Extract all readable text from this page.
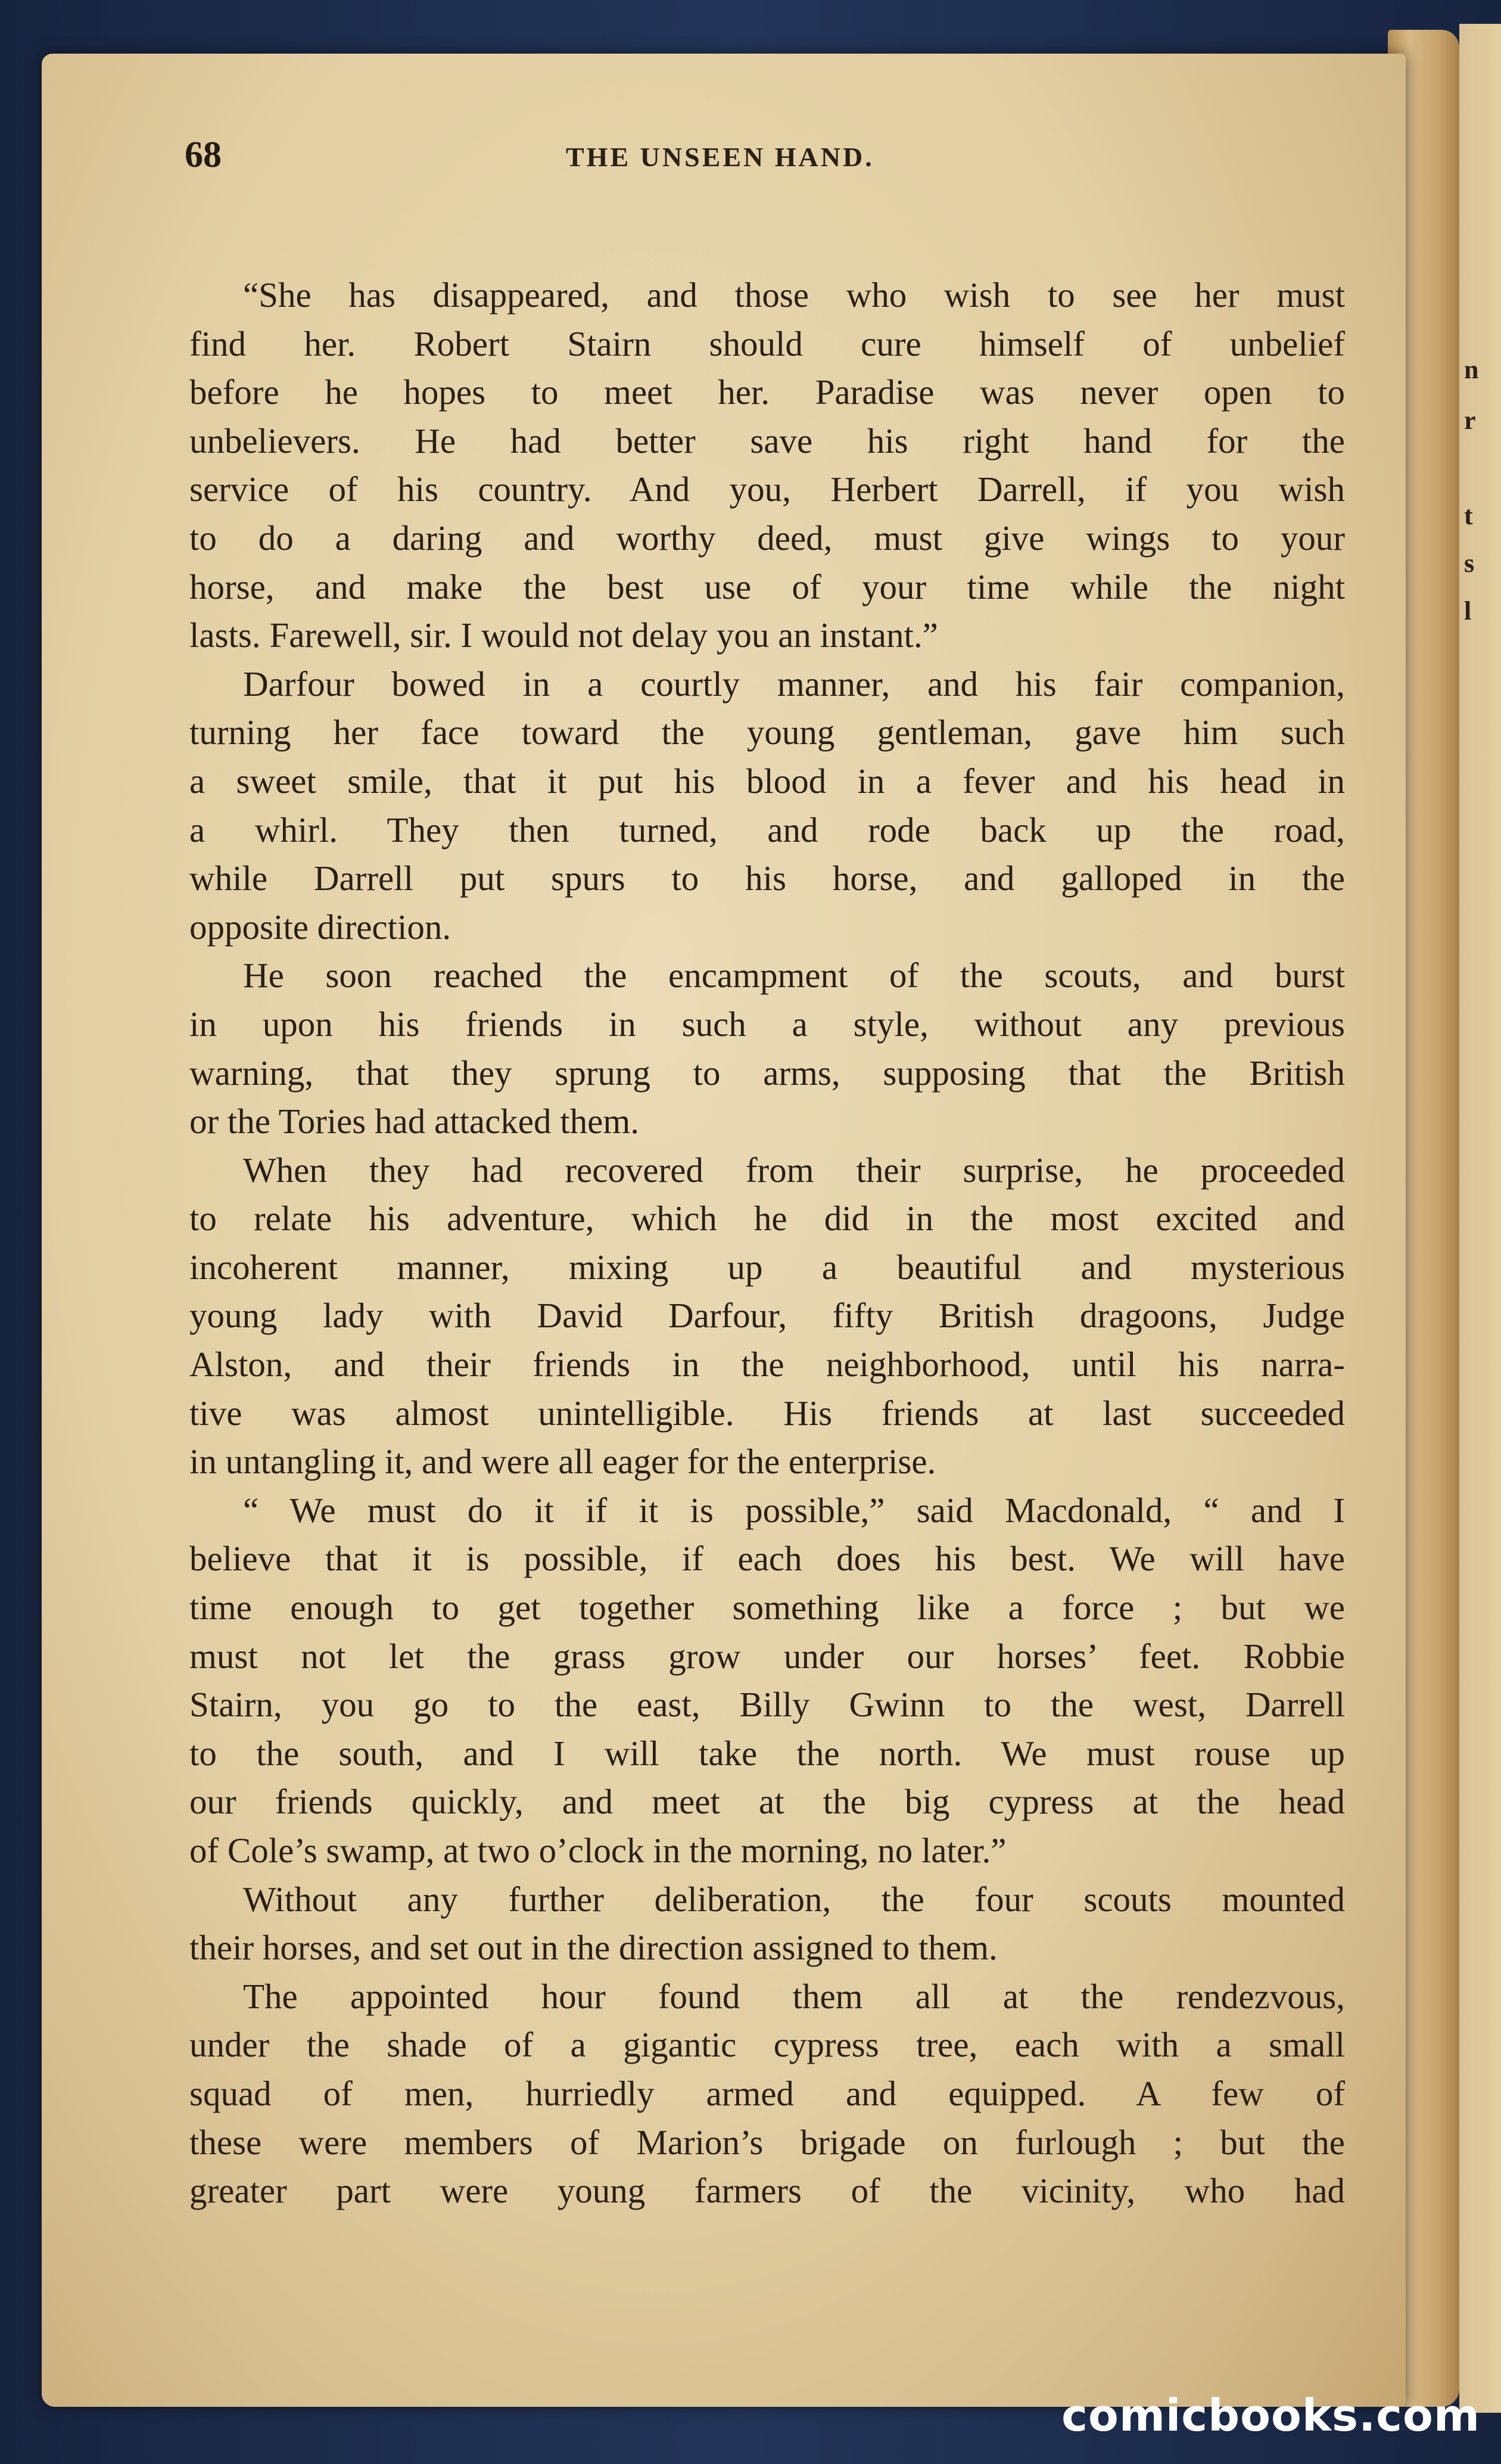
n
r
t
s
l
68	THE UNSEEN HAND.
“She has disappeared, and those who wish to see her must
find her. Robert Stairn should cure himself of unbelief
before he hopes to meet her. Paradise was never open to
unbelievers. He had better save his right hand for the
service of his country. And you, Herbert Darrell, if you wish
to do a daring and worthy deed, must give wings to your
horse, and make the best use of your time while the night
lasts. Farewell, sir. I would not delay you an instant.”
Darfour bowed in a courtly manner, and his fair companion,
turning her face toward the young gentleman, gave him such
a sweet smile, that it put his blood in a fever and his head in
a whirl. They then turned, and rode back up the road,
while Darrell put spurs to his horse, and galloped in the
opposite direction.
He soon reached the encampment of the scouts, and burst
in upon his friends in such a style, without any previous
warning, that they sprung to arms, supposing that the British
or the Tories had attacked them.
When they had recovered from their surprise, he proceeded
to relate his adventure, which he did in the most excited and
incoherent manner, mixing up a beautiful and mysterious
young lady with David Darfour, fifty British dragoons, Judge
Alston, and their friends in the neighborhood, until his narra-
tive was almost unintelligible. His friends at last succeeded
in untangling it, and were all eager for the enterprise.
“ We must do it if it is possible,” said Macdonald, “ and I
believe that it is possible, if each does his best. We will have
time enough to get together something like a force ; but we
must not let the grass grow under our horses’ feet. Robbie
Stairn, you go to the east, Billy Gwinn to the west, Darrell
to the south, and I will take the north. We must rouse up
our friends quickly, and meet at the big cypress at the head
of Cole’s swamp, at two o’clock in the morning, no later.”
Without any further deliberation, the four scouts mounted
their horses, and set out in the direction assigned to them.
The appointed hour found them all at the rendezvous,
under the shade of a gigantic cypress tree, each with a small
squad of men, hurriedly armed and equipped. A few of
these were members of Marion’s brigade on furlough ; but the
greater part were young farmers of the vicinity, who had
comicbooks.com
